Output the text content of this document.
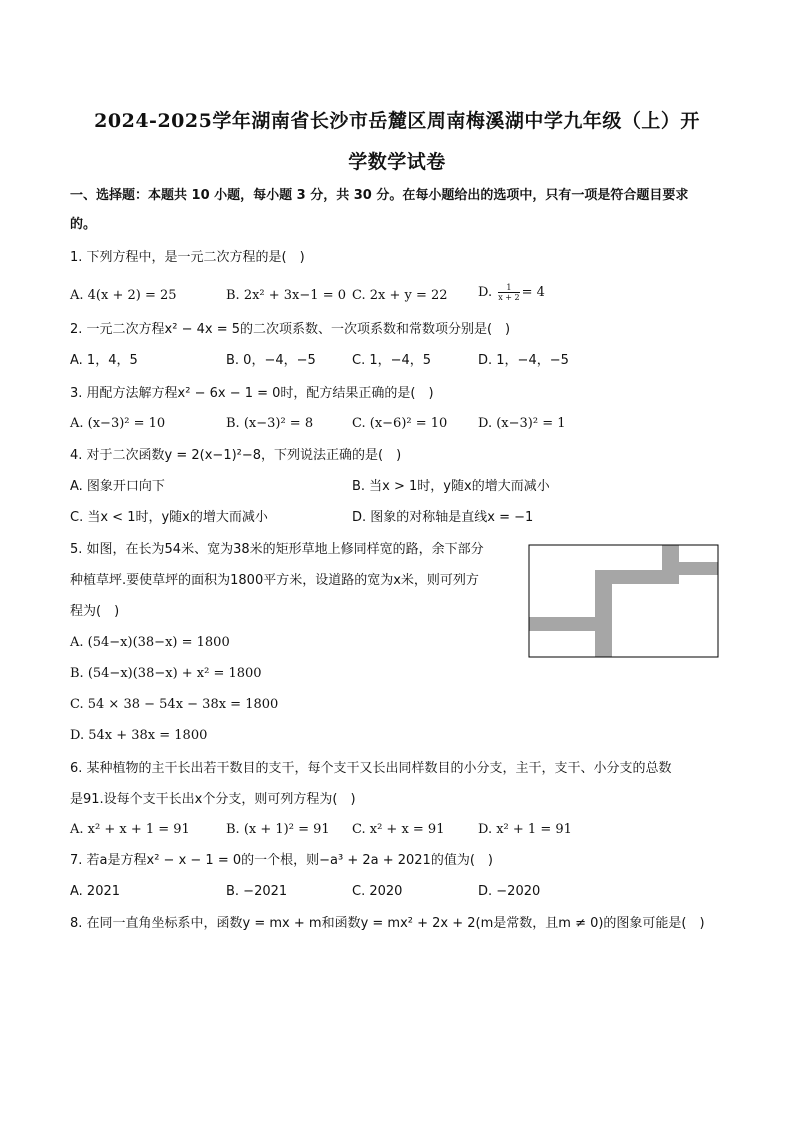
2024-2025学年湖南省长沙市岳麓区周南梅溪湖中学九年级（上）开
学数学试卷
一、选择题：本题共 10 小题，每小题 3 分，共 30 分。在每小题给出的选项中，只有一项是符合题目要求
的。
1. 下列方程中，是一元二次方程的是(　)
A. 4(x + 2) = 25	B. 2x² + 3x−1 = 0 C. 2x + y = 22 D. $\frac{1}{x + 2} = 4$
2. 一元二次方程x² − 4x = 5的二次项系数、一次项系数和常数项分别是(　)
A. 1，4，5	B. 0，−4，−5	C. 1，−4，5	D. 1，−4，−5
3. 用配方法解方程x² − 6x − 1 = 0时，配方结果正确的是(　)
A. (x−3)² = 10	B. (x−3)² = 8	C. (x−6)² = 10 D. (x−3)² = 1
4. 对于二次函数y = 2(x−1)²−8，下列说法正确的是(　)
A. 图象开口向下	B. 当x > 1时，y随x的增大而减小
C. 当x < 1时，y随x的增大而减小	D. 图象的对称轴是直线x = −1
5. 如图，在长为54米、宽为38米的矩形草地上修同样宽的路，余下部分
种植草坪.要使草坪的面积为1800平方米，设道路的宽为x米，则可列方
程为(　)
A. (54−x)(38−x) = 1800
B. (54−x)(38−x) + x² = 1800
C. 54 × 38 − 54x − 38x = 1800
D. 54x + 38x = 1800
6. 某种植物的主干长出若干数目的支干，每个支干又长出同样数目的小分支，主干，支干、小分支的总数
是91.设每个支干长出x个分支，则可列方程为(　)
A. x² + x + 1 = 91	B. (x + 1)² = 91 C. x² + x = 91	D. x² + 1 = 91
7. 若a是方程x² − x − 1 = 0的一个根，则−a³ + 2a + 2021的值为(　)
A. 2021	B. −2021	C. 2020	D. −2020
8. 在同一直角坐标系中，函数y = mx + m和函数y = mx² + 2x + 2(m是常数，且m ≠ 0)的图象可能是(　)
